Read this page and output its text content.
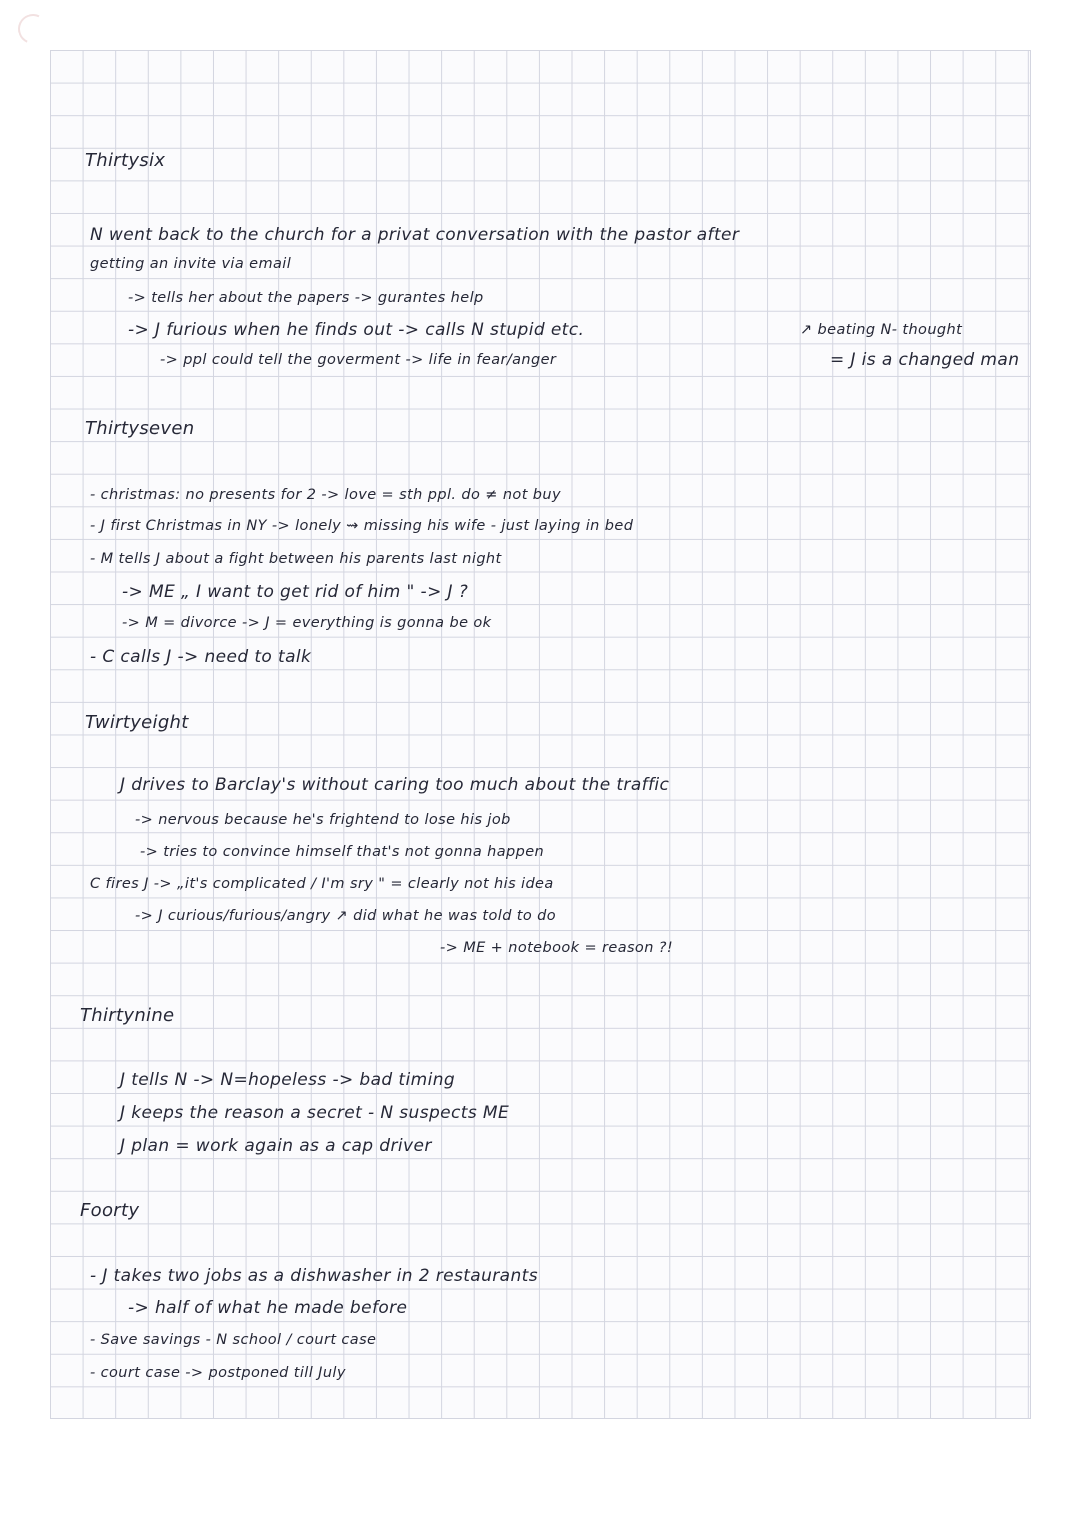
Thirtysix
N went back to the church for a privat conversation with the pastor after
getting an invite via email
-> tells her about the papers -> gurantes help
-> J furious when he finds out -> calls N stupid etc.
-> ppl could tell the goverment -> life in fear/anger
↗ beating N- thought
= J is a changed man
Thirtyseven
- christmas: no presents for 2 -> love = sth ppl. do ≠ not buy
- J first Christmas in NY -> lonely ⇝ missing his wife - just laying in bed
- M tells J about a fight between his parents last night
-> ME „ I want to get rid of him " -> J ?
-> M = divorce -> J = everything is gonna be ok
- C calls J -> need to talk
Twirtyeight
J drives to Barclay's without caring too much about the traffic
-> nervous because he's frightend to lose his job
-> tries to convince himself that's not gonna happen
C fires J -> „it's complicated / I'm sry " = clearly not his idea
-> J curious/furious/angry ↗ did what he was told to do
-> ME + notebook = reason ?!
Thirtynine
J tells N -> N=hopeless -> bad timing
J keeps the reason a secret - N suspects ME
J plan = work again as a cap driver
Foorty
- J takes two jobs as a dishwasher in 2 restaurants
-> half of what he made before
- Save savings - N school / court case
- court case -> postponed till July
